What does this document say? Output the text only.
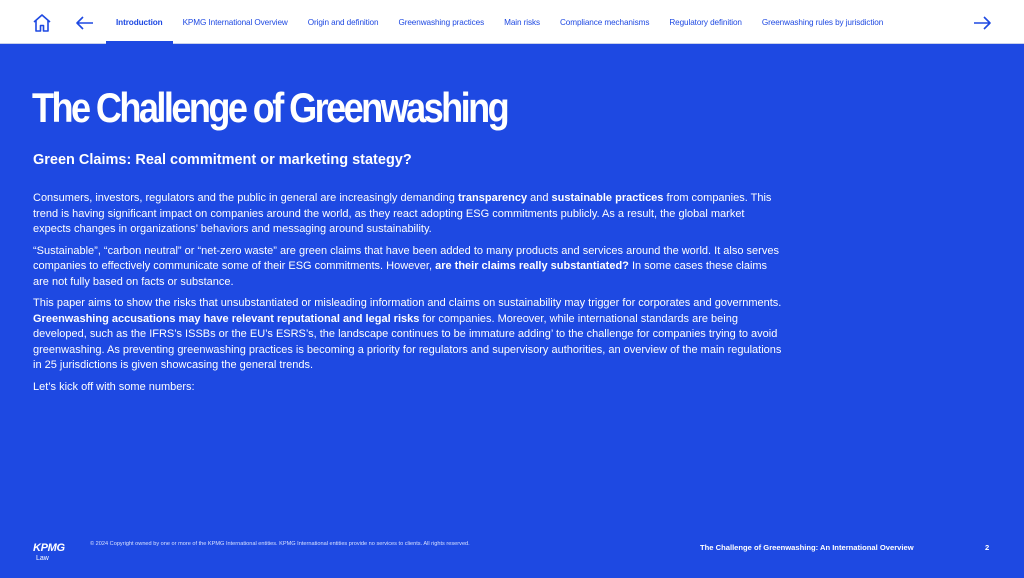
Introduction	KPMG International Overview	Origin and definition	Greenwashing practices	Main risks	Compliance mechanisms	Regulatory definition	Greenwashing rules by jurisdiction
The Challenge of Greenwashing
Green Claims: Real commitment or marketing stategy?

Consumers, investors, regulators and the public in general are increasingly demanding transparency and sustainable practices from companies. This trend is having significant impact on companies around the world, as they react adopting ESG commitments publicly. As a result, the global market expects changes in organizations’ behaviors and messaging around sustainability.

“Sustainable”, “carbon neutral” or “net-zero waste” are green claims that have been added to many products and services around the world. It also serves companies to effectively communicate some of their ESG commitments. However, are their claims really substantiated? In some cases these claims are not fully based on facts or substance.

This paper aims to show the risks that unsubstantiated or misleading information and claims on sustainability may trigger for corporates and governments. Greenwashing accusations may have relevant reputational and legal risks for companies. Moreover, while international standards are being developed, such as the IFRS’s ISSBs or the EU’s ESRS’s, the landscape continues to be immature adding’ to the challenge for companies trying to avoid greenwashing. As preventing greenwashing practices is becoming a priority for regulators and supervisory authorities, an overview of the main regulations in 25 jurisdictions is given showcasing the general trends.

Let’s kick off with some numbers:

KPMG
Law
© 2024 Copyright owned by one or more of the KPMG International entities. KPMG International entities provide no services to clients. All rights reserved.	The Challenge of Greenwashing: An International Overview	2
